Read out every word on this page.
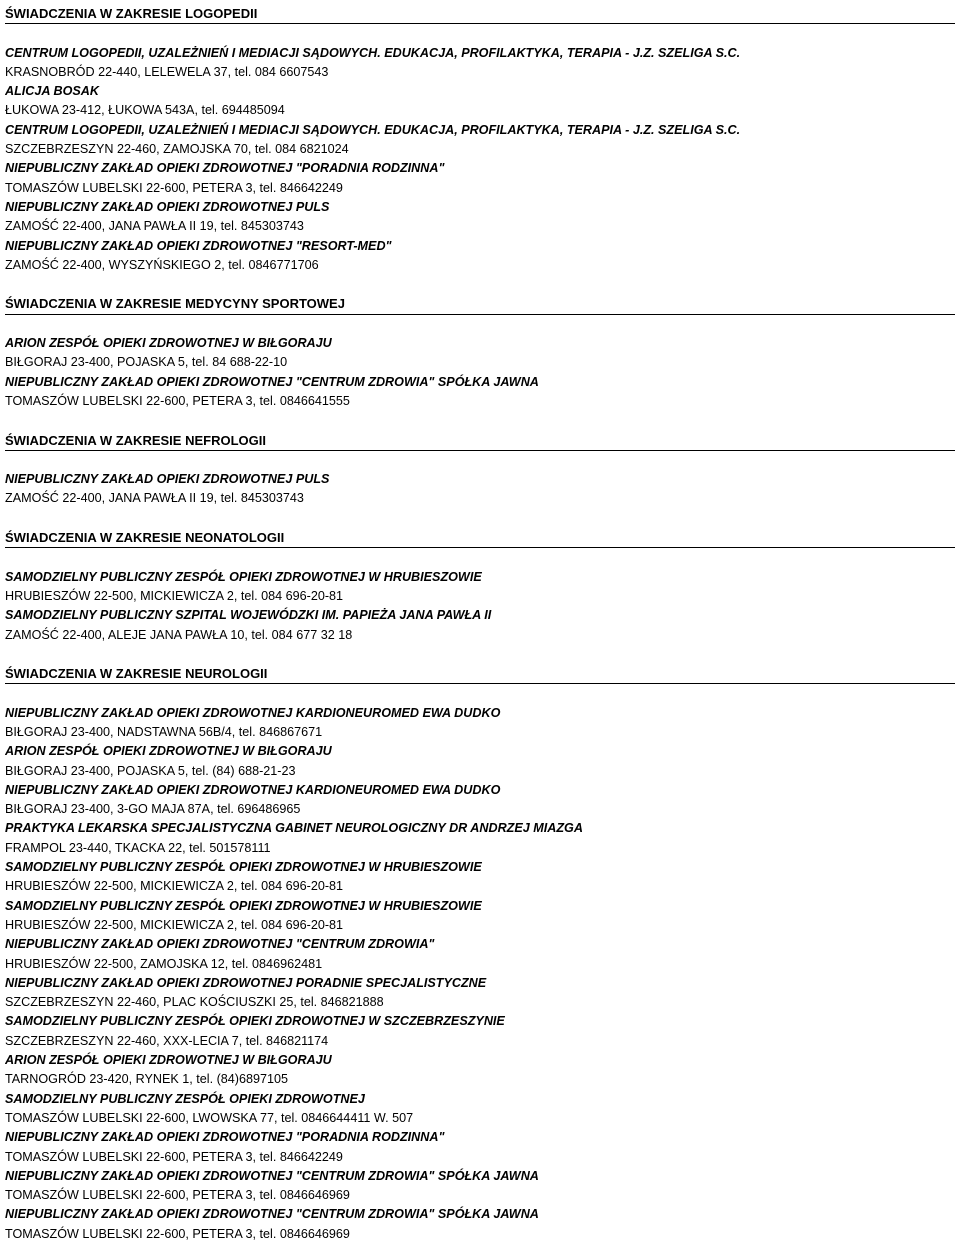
ŚWIADCZENIA W ZAKRESIE LOGOPEDII
CENTRUM LOGOPEDII, UZALEŻNIEŃ I MEDIACJI SĄDOWYCH. EDUKACJA, PROFILAKTYKA, TERAPIA - J.Z. SZELIGA S.C.
KRASNOBRÓD 22-440, LELEWELA 37, tel. 084 6607543
ALICJA BOSAK
ŁUKOWA 23-412, ŁUKOWA 543A, tel. 694485094
CENTRUM LOGOPEDII, UZALEŻNIEŃ I MEDIACJI SĄDOWYCH. EDUKACJA, PROFILAKTYKA, TERAPIA - J.Z. SZELIGA S.C.
SZCZEBRZESZYN 22-460, ZAMOJSKA 70, tel. 084 6821024
NIEPUBLICZNY ZAKŁAD OPIEKI ZDROWOTNEJ "PORADNIA RODZINNA"
TOMASZÓW LUBELSKI 22-600, PETERA 3, tel. 846642249
NIEPUBLICZNY ZAKŁAD OPIEKI ZDROWOTNEJ PULS
ZAMOŚĆ 22-400, JANA PAWŁA II 19, tel. 845303743
NIEPUBLICZNY ZAKŁAD OPIEKI ZDROWOTNEJ "RESORT-MED"
ZAMOŚĆ 22-400, WYSZYŃSKIEGO 2, tel. 0846771706
ŚWIADCZENIA W ZAKRESIE MEDYCYNY SPORTOWEJ
ARION ZESPÓŁ OPIEKI ZDROWOTNEJ W BIŁGORAJU
BIŁGORAJ 23-400, POJASKA 5, tel. 84 688-22-10
NIEPUBLICZNY ZAKŁAD OPIEKI ZDROWOTNEJ "CENTRUM ZDROWIA" SPÓŁKA JAWNA
TOMASZÓW LUBELSKI 22-600, PETERA 3, tel. 0846641555
ŚWIADCZENIA W ZAKRESIE NEFROLOGII
NIEPUBLICZNY ZAKŁAD OPIEKI ZDROWOTNEJ PULS
ZAMOŚĆ 22-400, JANA PAWŁA II 19, tel. 845303743
ŚWIADCZENIA W ZAKRESIE NEONATOLOGII
SAMODZIELNY PUBLICZNY ZESPÓŁ OPIEKI ZDROWOTNEJ W HRUBIESZOWIE
HRUBIESZÓW 22-500, MICKIEWICZA 2, tel. 084 696-20-81
SAMODZIELNY PUBLICZNY SZPITAL WOJEWÓDZKI IM. PAPIEŻA JANA PAWŁA II
ZAMOŚĆ 22-400, ALEJE JANA PAWŁA 10, tel. 084 677 32 18
ŚWIADCZENIA W ZAKRESIE NEUROLOGII
NIEPUBLICZNY ZAKŁAD OPIEKI ZDROWOTNEJ KARDIONEUROMED EWA DUDKO
BIŁGORAJ 23-400, NADSTAWNA 56B/4, tel. 846867671
ARION ZESPÓŁ OPIEKI ZDROWOTNEJ W BIŁGORAJU
BIŁGORAJ 23-400, POJASKA 5, tel. (84) 688-21-23
NIEPUBLICZNY ZAKŁAD OPIEKI ZDROWOTNEJ KARDIONEUROMED EWA DUDKO
BIŁGORAJ 23-400, 3-GO MAJA 87A, tel. 696486965
PRAKTYKA LEKARSKA SPECJALISTYCZNA GABINET NEUROLOGICZNY DR ANDRZEJ MIAZGA
FRAMPOL 23-440, TKACKA 22, tel. 501578111
SAMODZIELNY PUBLICZNY ZESPÓŁ OPIEKI ZDROWOTNEJ W HRUBIESZOWIE
HRUBIESZÓW 22-500, MICKIEWICZA 2, tel. 084 696-20-81
SAMODZIELNY PUBLICZNY ZESPÓŁ OPIEKI ZDROWOTNEJ W HRUBIESZOWIE
HRUBIESZÓW 22-500, MICKIEWICZA 2, tel. 084 696-20-81
NIEPUBLICZNY ZAKŁAD OPIEKI ZDROWOTNEJ "CENTRUM ZDROWIA"
HRUBIESZÓW 22-500, ZAMOJSKA 12, tel. 0846962481
NIEPUBLICZNY ZAKŁAD OPIEKI ZDROWOTNEJ PORADNIE SPECJALISTYCZNE
SZCZEBRZESZYN 22-460, PLAC KOŚCIUSZKI 25, tel. 846821888
SAMODZIELNY PUBLICZNY ZESPÓŁ OPIEKI ZDROWOTNEJ W SZCZEBRZESZYNIE
SZCZEBRZESZYN 22-460, XXX-LECIA 7, tel. 846821174
ARION ZESPÓŁ OPIEKI ZDROWOTNEJ W BIŁGORAJU
TARNOGRÓD 23-420, RYNEK 1, tel. (84)6897105
SAMODZIELNY PUBLICZNY ZESPÓŁ OPIEKI ZDROWOTNEJ
TOMASZÓW LUBELSKI 22-600, LWOWSKA 77, tel. 0846644411 W. 507
NIEPUBLICZNY ZAKŁAD OPIEKI ZDROWOTNEJ "PORADNIA RODZINNA"
TOMASZÓW LUBELSKI 22-600, PETERA 3, tel. 846642249
NIEPUBLICZNY ZAKŁAD OPIEKI ZDROWOTNEJ "CENTRUM ZDROWIA" SPÓŁKA JAWNA
TOMASZÓW LUBELSKI 22-600, PETERA 3, tel. 0846646969
NIEPUBLICZNY ZAKŁAD OPIEKI ZDROWOTNEJ "CENTRUM ZDROWIA" SPÓŁKA JAWNA
TOMASZÓW LUBELSKI 22-600, PETERA 3, tel. 0846646969
